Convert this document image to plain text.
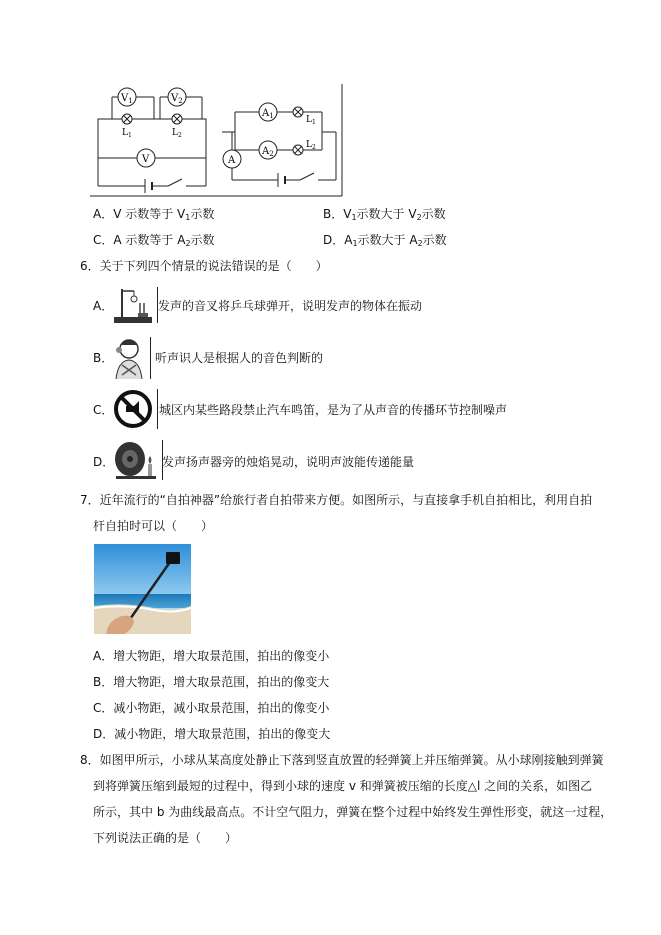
$V_1$	$V_2$
V
$L_1$	$L_2$
A
$A_1$
$A_2$
$L_1$
$L_2$
A．V 示数等于 $V_1$示数	B．$V_1$示数大于 $V_2$示数
C．A 示数等于 $A_2$示数	D．$A_1$示数大于 $A_2$示数
6．关于下列四个情景的说法错误的是（　　）
A．	发声的音叉将乒乓球弹开，说明发声的物体在振动
B．	听声识人是根据人的音色判断的
C．	城区内某些路段禁止汽车鸣笛，是为了从声音的传播环节控制噪声
D．	发声扬声器旁的烛焰晃动，说明声波能传递能量
7．近年流行的“自拍神器”给旅行者自拍带来方便。如图所示，与直接拿手机自拍相比，利用自拍
杆自拍时可以（　　）
A．增大物距，增大取景范围，拍出的像变小
B．增大物距，增大取景范围，拍出的像变大
C．减小物距，减小取景范围，拍出的像变小
D．减小物距，增大取景范围，拍出的像变大
8．如图甲所示，小球从某高度处静止下落到竖直放置的轻弹簧上并压缩弹簧。从小球刚接触到弹簧
到将弹簧压缩到最短的过程中，得到小球的速度 v 和弹簧被压缩的长度△l 之间的关系，如图乙
所示，其中 b 为曲线最高点。不计空气阻力，弹簧在整个过程中始终发生弹性形变，就这一过程，
下列说法正确的是（　　）
